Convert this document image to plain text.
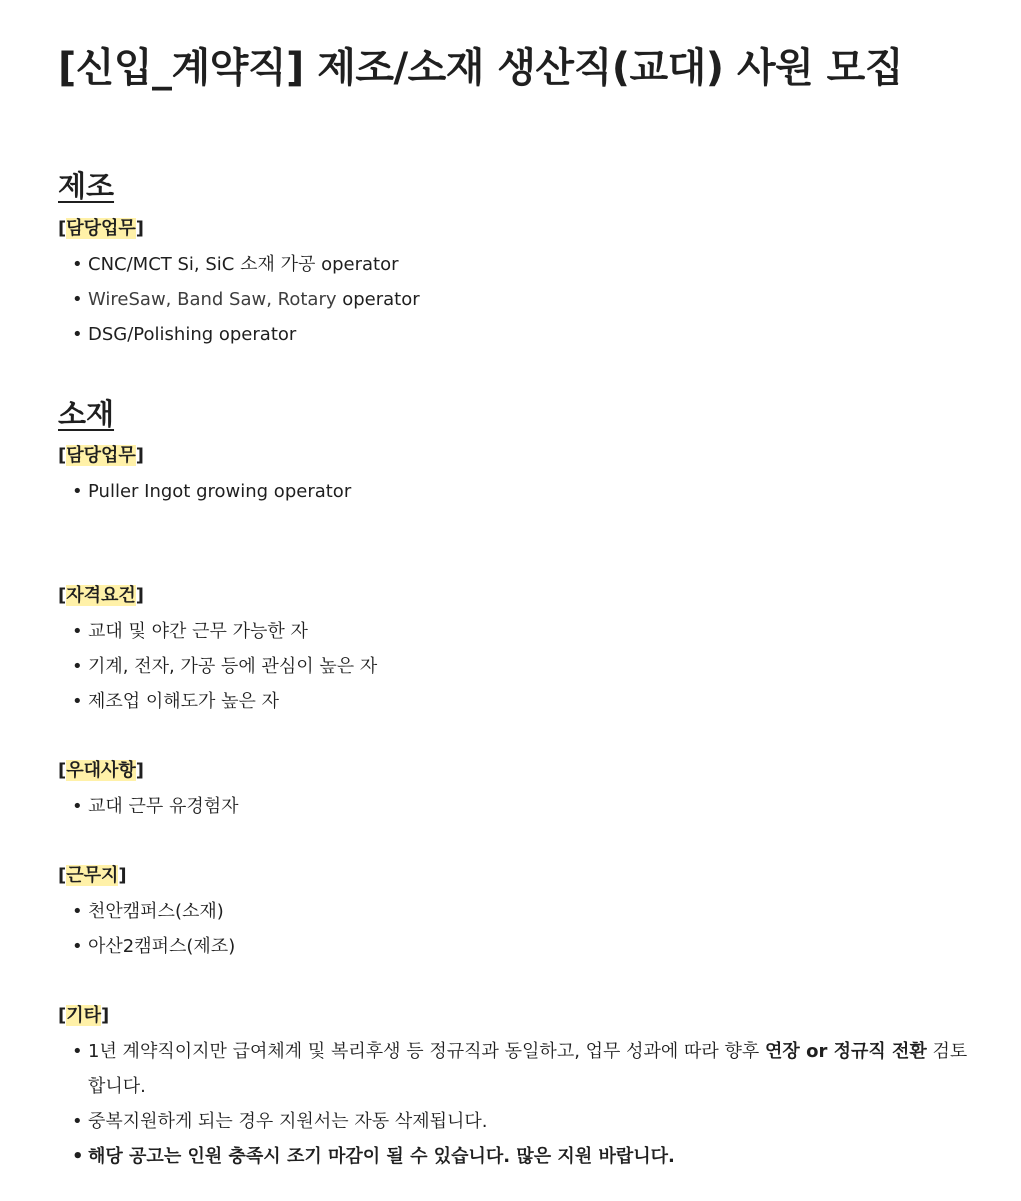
[신입_계약직] 제조/소재 생산직(교대) 사원 모집
제조
[담당업무]
• CNC/MCT Si, SiC 소재 가공 operator
• WireSaw, Band Saw, Rotary operator
• DSG/Polishing operator
소재
[담당업무]
• Puller Ingot growing operator
[자격요건]
• 교대 및 야간 근무 가능한 자
• 기계, 전자, 가공 등에 관심이 높은 자
• 제조업 이해도가 높은 자
[우대사항]
• 교대 근무 유경험자
[근무지]
• 천안캠퍼스(소재)
• 아산2캠퍼스(제조)
[기타]
• 1년 계약직이지만 급여체계 및 복리후생 등 정규직과 동일하고, 업무 성과에 따라 향후 연장 or 정규직 전환 검토합니다.
• 중복지원하게 되는 경우 지원서는 자동 삭제됩니다.
• 해당 공고는 인원 충족시 조기 마감이 될 수 있습니다. 많은 지원 바랍니다.
